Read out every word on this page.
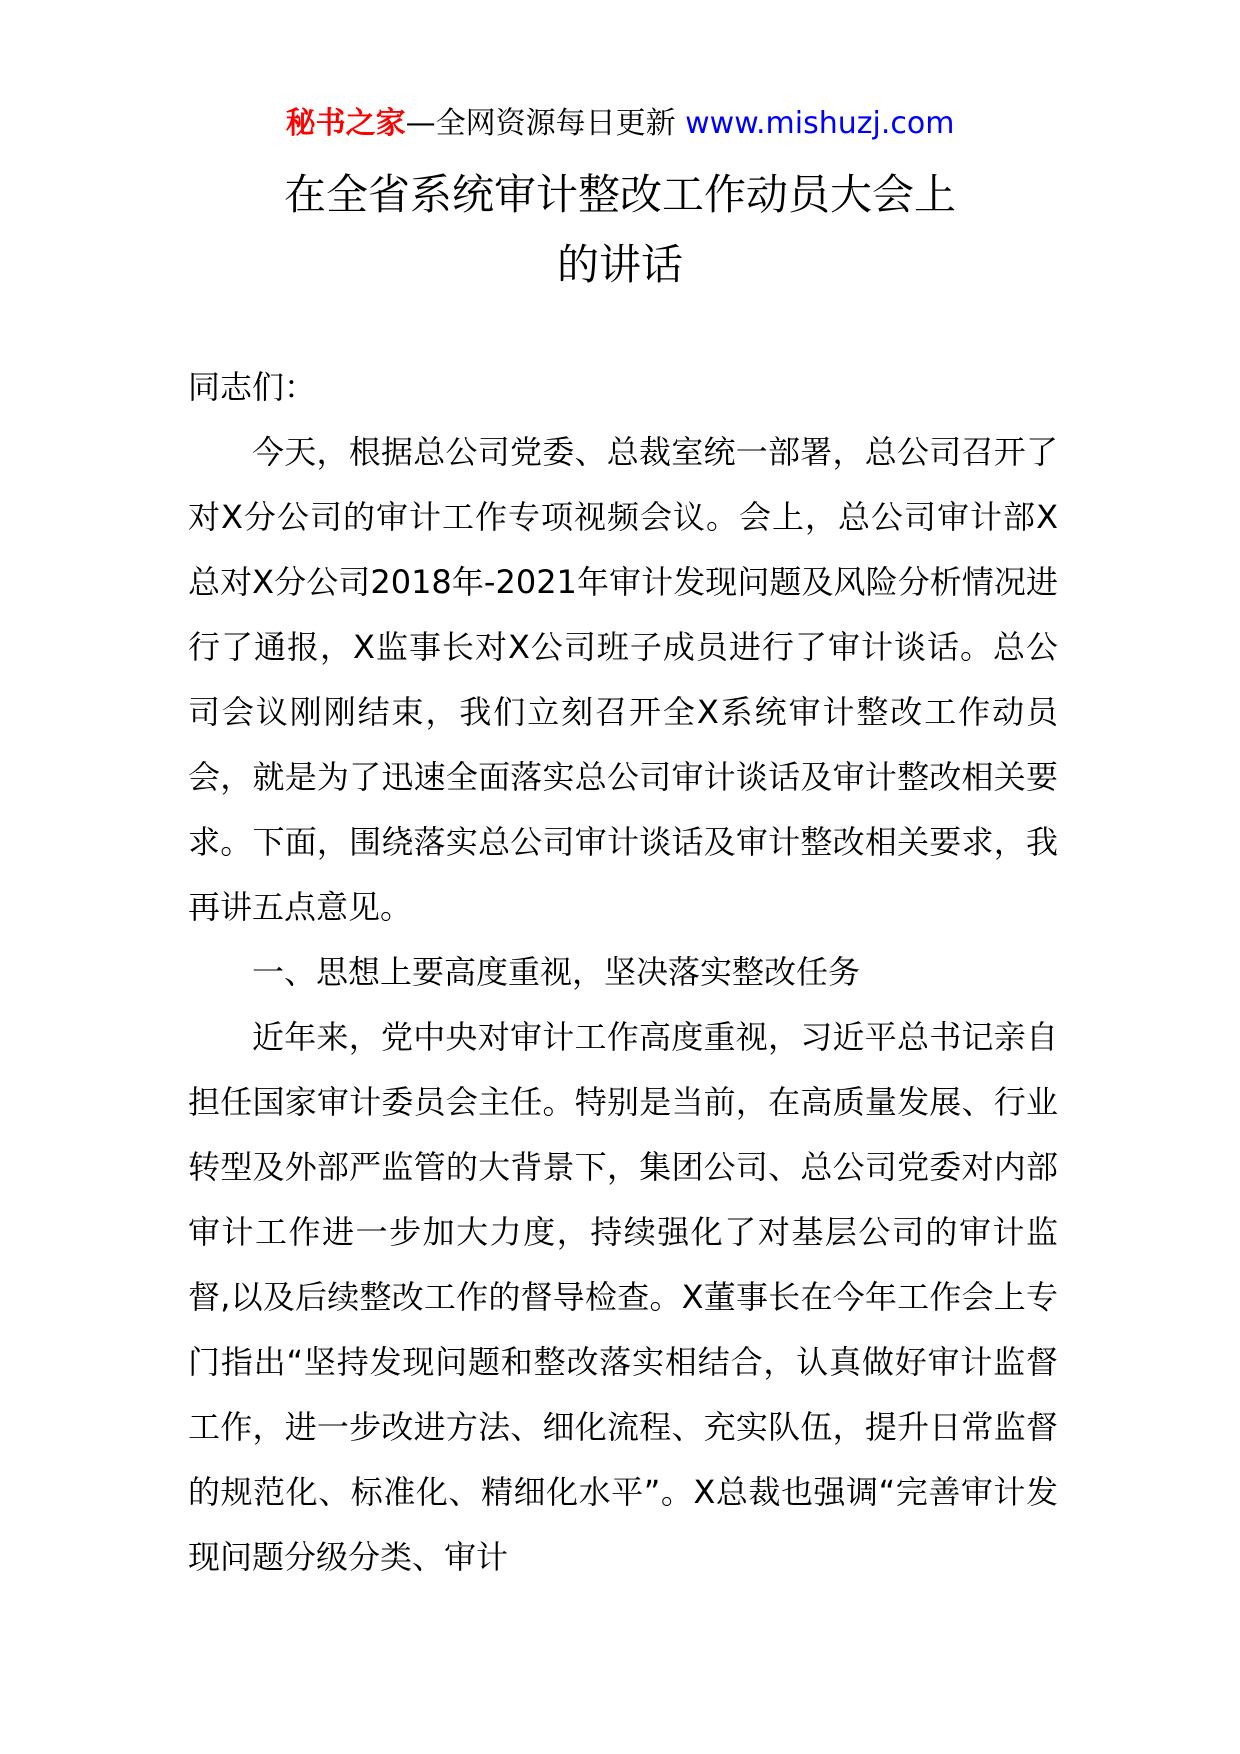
秘书之家—全网资源每日更新 www.mishuzj.com
在全省系统审计整改工作动员大会上
的讲话

同志们：

今天，根据总公司党委、总裁室统一部署，总公司召开了对X分公司的审计工作专项视频会议。会上，总公司审计部X总对X分公司2018年-2021年审计发现问题及风险分析情况进行了通报，X监事长对X公司班子成员进行了审计谈话。总公司会议刚刚结束，我们立刻召开全X系统审计整改工作动员会，就是为了迅速全面落实总公司审计谈话及审计整改相关要求。下面，围绕落实总公司审计谈话及审计整改相关要求，我再讲五点意见。

一、思想上要高度重视，坚决落实整改任务

近年来，党中央对审计工作高度重视，习近平总书记亲自担任国家审计委员会主任。特别是当前，在高质量发展、行业转型及外部严监管的大背景下，集团公司、总公司党委对内部审计工作进一步加大力度，持续强化了对基层公司的审计监督,以及后续整改工作的督导检查。X董事长在今年工作会上专门指出“坚持发现问题和整改落实相结合，认真做好审计监督工作，进一步改进方法、细化流程、充实队伍，提升日常监督的规范化、标准化、精细化水平”。X总裁也强调“完善审计发现问题分级分类、审计
